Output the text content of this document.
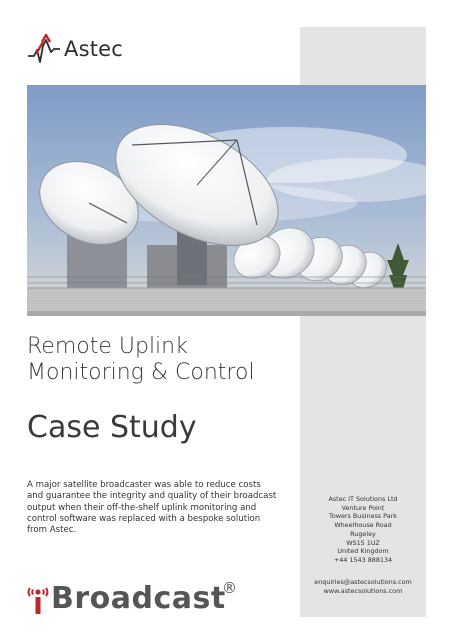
Astec
Remote Uplink
Monitoring & Control
Case Study
A major satellite broadcaster was able to reduce costs and guarantee the integrity and quality of their broadcast output when their off-the-shelf uplink monitoring and control software was replaced with a bespoke solution from Astec.
Astec IT Solutions Ltd
Venture Point
Towers Business Park
Wheelhouse Road
Rugeley
WS15 1UZ
United Kingdom
+44 1543 888134
enquiries@astecsolutions.com
www.astecsolutions.com
Broadcast
®
